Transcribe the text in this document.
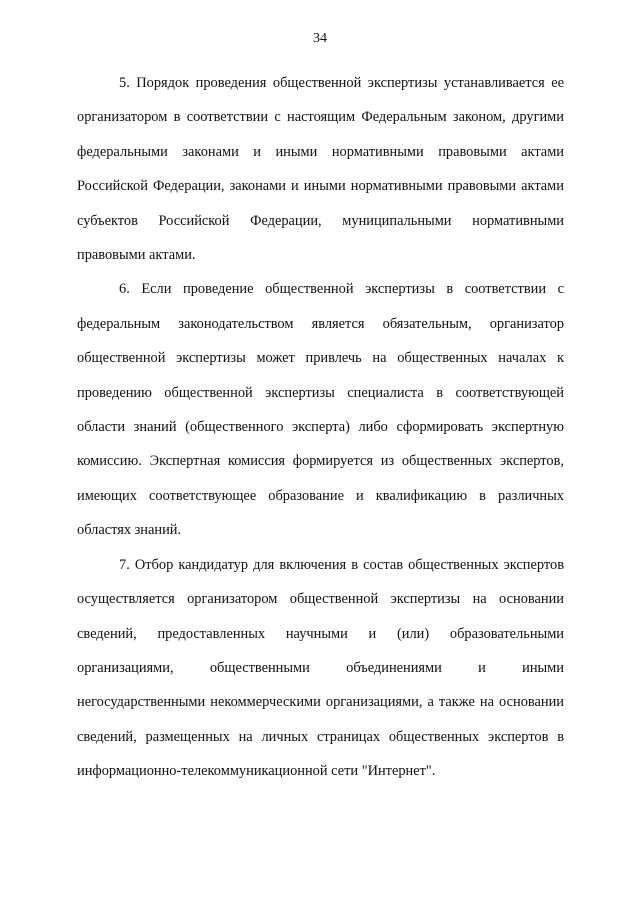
34

5. Порядок проведения общественной экспертизы устанавливается ее организатором в соответствии с настоящим Федеральным законом, другими федеральными законами и иными нормативными правовыми актами Российской Федерации, законами и иными нормативными правовыми актами субъектов Российской Федерации, муниципальными нормативными правовыми актами.

6. Если проведение общественной экспертизы в соответствии с федеральным законодательством является обязательным, организатор общественной экспертизы может привлечь на общественных началах к проведению общественной экспертизы специалиста в соответствующей области знаний (общественного эксперта) либо сформировать экспертную комиссию. Экспертная комиссия формируется из общественных экспертов, имеющих соответствующее образование и квалификацию в различных областях знаний.

7. Отбор кандидатур для включения в состав общественных экспертов осуществляется организатором общественной экспертизы на основании сведений, предоставленных научными и (или) образовательными организациями, общественными объединениями и иными негосударственными некоммерческими организациями, а также на основании сведений, размещенных на личных страницах общественных экспертов в информационно-телекоммуникационной сети "Интернет".
